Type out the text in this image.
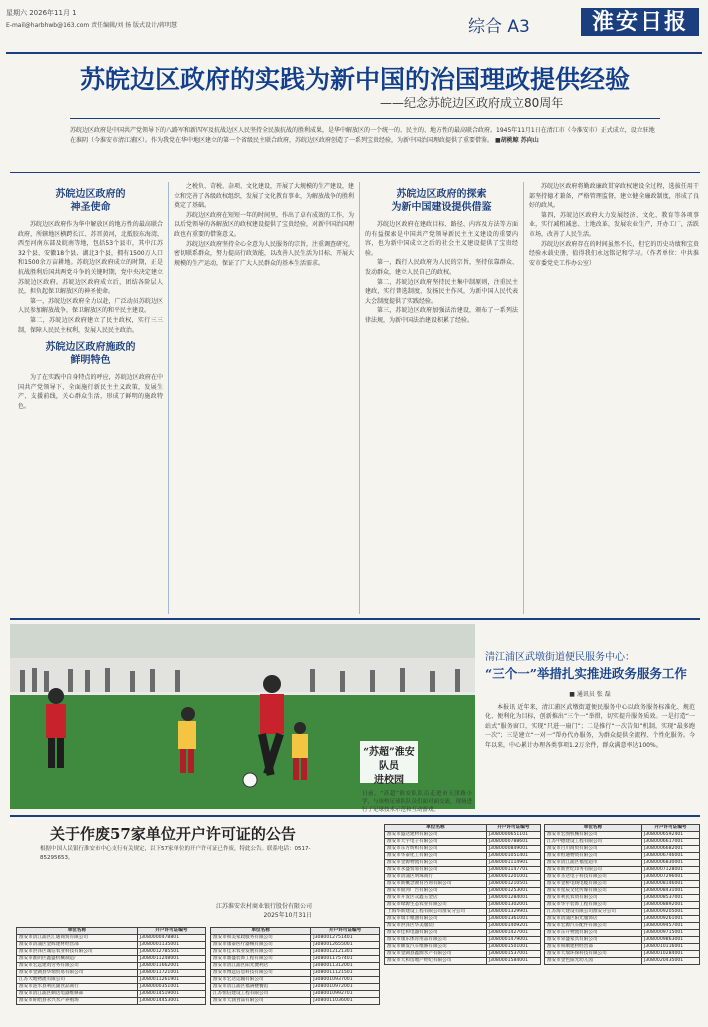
星期六 2026年11月 1
E-mail@harbhwb@163.com 责任编辑/刘 扬 版式设计/蒋明慧	综合 A3	淮安日报
苏皖边区政府的实践为新中国的治国理政提供经验
——纪念苏皖边区政府成立80周年
苏皖边区政府是中国共产党领导下的八路军和新四军及抗战边区人民坚持全民族抗战的胜利成果，是华中解放区的一个统一的、民主的、地方性的最高联合政府。1945年11月1日在清江市（今淮安市）正式成立，设立驻地在淮阴（今淮安市清江浦区）。作为我党在华中地区建立的第一个省级民主联合政府，苏皖边区政府创造了一系列宝贵经验，为新中国治国理政提供了重要借鉴。 ■胡桃鲸 苏向山
苏皖边区政府的
神圣使命

苏皖边区政府作为华中解放区的地方性的最高联合政府，所辖地区横跨长江、苏晋黄河，北抵胶东海湾，西至河南东部及皖南等地，包括53个县市，其中江苏32个县、安徽18个县、湖北3个县，拥有1500万人口和1500余万亩耕地。苏皖边区政府成立的时期，正是抗战胜利后国共两党斗争的关键时期，党中央决定建立苏皖边区政府。苏皖边区政府成立后，团结各阶层人民，担负起保卫解放区的神圣使命。

第一，苏皖边区政府全力以赴，广泛动员苏皖边区人民参加解放战争，保卫解放区的和平民主建设。

第二，苏皖边区政府建立了民主政权，实行三三制，保障人民民主权利，发展人民民主政治。

苏皖边区政府施政的
鲜明特色

为了在实践中自身特点的呼应，苏皖边区政府在中国共产党领导下，全面施行新民主主义政策，发展生产、支援前线，关心群众生活，形成了鲜明的施政特色。

之税负、苛税、杂项、文化建设，开展了大规模的生产建设，建立和完善了各级政权组织，发展了文化教育事业，为解放战争的胜利奠定了基础。

苏皖边区政府在短短一年的时间里，作出了卓有成效的工作，为以后党领导的各解放区的政权建设提供了宝贵经验，对新中国治国理政也有重要的借鉴意义。

苏皖边区政府坚持全心全意为人民服务的宗旨，注重调查研究，密切联系群众，努力提高行政效能，以改善人民生活为目标，开展大规模的生产运动，保证了广大人民群众的基本生活需求。

苏皖边区政府的探索
为新中国建设提供借鉴

苏皖边区政府在建政目标、路径、内容及方法等方面的有益探索是中国共产党领导新民主主义建设的重要内容，也为新中国成立之后的社会主义建设提供了宝贵经验。

第一，践行人民政府为人民的宗旨，坚持依靠群众、发动群众，建立人民自己的政权。

第二，苏皖边区政府坚持民主集中制原则，注重民主建政，实行普选制度，发扬民主作风，为新中国人民代表大会制度提供了实践经验。

第三，苏皖边区政府加强法治建设，颁布了一系列法律法规，为新中国法治建设积累了经验。

苏皖边区政府将勤政廉政贯穿政权建设全过程，选拔任用干部坚持德才兼备，严格管理监督，建立健全廉政制度，形成了良好的政风。

第四，苏皖边区政府大力发展经济、文化、教育等各项事业，实行减租减息、土地改革，发展农业生产，开办工厂，活跃市场，改善了人民生活。

苏皖边区政府存在的时间虽然不长，但它的历史功绩和宝贵经验永载史册，值得我们永远铭记和学习。（作者单位：中共淮安市委党史工作办公室）

“苏超”淮安队员
进校园
清江浦区武墩街道便民服务中心：
“三个一”举措扎实推进政务服务工作
■ 通讯员 张 磊

本报讯 近年来，清江浦区武墩街道便民服务中心以政务服务标准化、规范化、便利化为目标，创新推出“三个一”举措，切实提升服务质效。一是打造“一站式”服务窗口，实现“只进一扇门”；二是推行“一次告知”机制，实现“最多跑一次”；三是建立“一对一”帮办代办服务，为群众提供全流程、个性化服务。今年以来，中心累计办理各类事项1.2万余件，群众满意率达100%。

日前，“苏超”淮安队队员走进市天津路小学，与该校足球队队员们面对面交流，现场进行了足球技术示范和互动游戏。

关于作废57家单位开户许可证的公告
根据中国人民银行淮安市中心支行有关规定，以下57家单位的开户许可证已作废，特此公告。联系电话：0517-85295653。
江苏淮安农村商业银行股份有限公司
2025年10月31日
单位名称	开户许可证编号
淮安市清江浦区汇通商贸有限公司	J3080000478801
淮安市清浦区金辉建材经营部	J3080001135001
淮安市洪泽区诚信农业科技有限公司	J3080012785501
淮安市淮阴区鑫盛机械制造厂	J3080011248001
淮安市宏远建筑劳务有限公司	J3080011662001
淮安市金湖县华瑞贸易有限公司	J3080011721001
江苏大地物流有限公司	J3080011261901
淮安市涟水县利民副食品商行	J3080000351001
淮安市清江浦区顺达电器维修部	J3080014519001
淮安市盱眙县永兴水产养殖场	J3080014453001
单位名称	开户许可证编号
淮安市和美家政服务有限公司	J3080012751401
淮安市康泰医疗器械有限公司	J3080012655001
淮安市佳禾农业发展有限公司	J3080012121301
淮安市鼎盛装饰工程有限公司	J3080011757401
淮安市清江浦区阳光便利店	J3080011312001
淮安市博远信息科技有限公司	J3080011121501
淮安市宏达运输有限公司	J3080010937001
淮安市清江浦区福满楼餐馆	J3080010972001
江苏恒信建设工程有限公司	J3080010992701
淮安市天润食品有限公司	J3080011036001
单位名称	开户许可证编号
淮安市盛达建材有限公司	J3080000651101
淮安市天宇电子有限公司	J3080000788601
淮安市东方纺织有限公司	J3080000849001
淮安市华泰化工有限公司	J3080001051401
淮安市金源物流有限公司	J3080001114901
淮安市永盛贸易有限公司	J3080001147701
淮安市清浦区明珠商行	J3080001201001
淮安市新概念教育咨询有限公司	J3080001210501
淮安市银河广告有限公司	J3080001253001
淮安市开发区众鑫五金店	J3080001284001
淮安市绿源生态农业有限公司	J3080001302001
上海华新建设工程有限公司淮安分公司	J3080001329901
淮安市瑞丰粮油有限公司	J3080001361001
淮安市洪泽区华美服装厂	J3080001409201
淮安市佳和电器有限公司	J3080001427001
淮安市康乐体育用品有限公司	J3080001479001
淮安市顺发汽车维修有限公司	J3080001501001
淮安市金湖县鑫源水产有限公司	J3080001537001
淮安市天和房地产经纪有限公司	J3080001584001
单位名称	开户许可证编号
淮安市宏图机械有限公司	J3080006592401
江苏中德建设工程有限公司	J3080006617001
淮安市百川商贸有限公司	J3080006682001
淮安市恒通物资有限公司	J3080006746001
淮安市清江浦区福星超市	J3080006830001
淮安市新世纪印务有限公司	J3080007128001
淮安市圣达电子科技有限公司	J3080007296001
淮安市金桥电线电缆有限公司	J3080008146001
淮安市星辰文化传媒有限公司	J3080008431001
淮安市利民农资有限公司	J3080008537001
淮安市华宇装饰工程有限公司	J3080008892001
江苏海天建设有限公司淮安分公司	J3080009205001
淮安市清浦区阳光服饰店	J3080009261001
淮安市宏源汽车配件有限公司	J3080009457001
淮安市东升物流有限公司	J3080009715001
淮安市荣盛家具有限公司	J3080009863001
淮安市和顺建材经营部	J3080010116001
淮安市天瑞环保科技有限公司	J3080010284001
淮安市金色阳光幼儿园	J3080020435001
